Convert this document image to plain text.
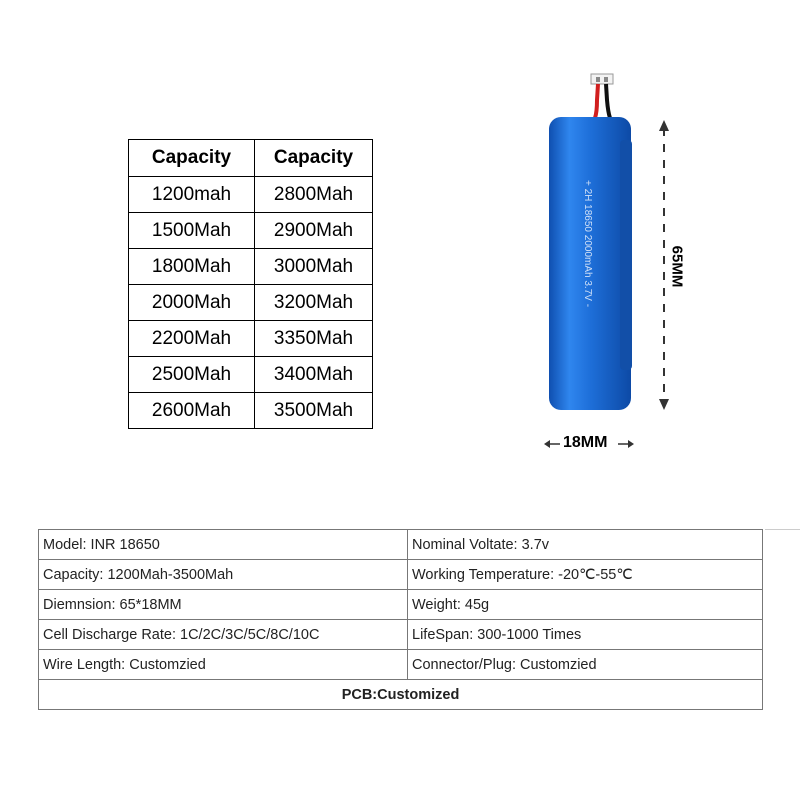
Capacity	Capacity
1200mah	2800Mah
1500Mah	2900Mah
1800Mah	3000Mah
2000Mah	3200Mah
2200Mah	3350Mah
2500Mah	3400Mah
2600Mah	3500Mah
+ 2H 18650 2000mAh 3.7V -
18MM
65MM
Model: INR 18650	Nominal Voltate: 3.7v
Capacity: 1200Mah-3500Mah	Working Temperature: -20℃-55℃
Diemnsion: 65*18MM	Weight: 45g
Cell Discharge Rate: 1C/2C/3C/5C/8C/10C	LifeSpan: 300-1000 Times
Wire Length: Customzied	Connector/Plug: Customzied
PCB:Customized	
